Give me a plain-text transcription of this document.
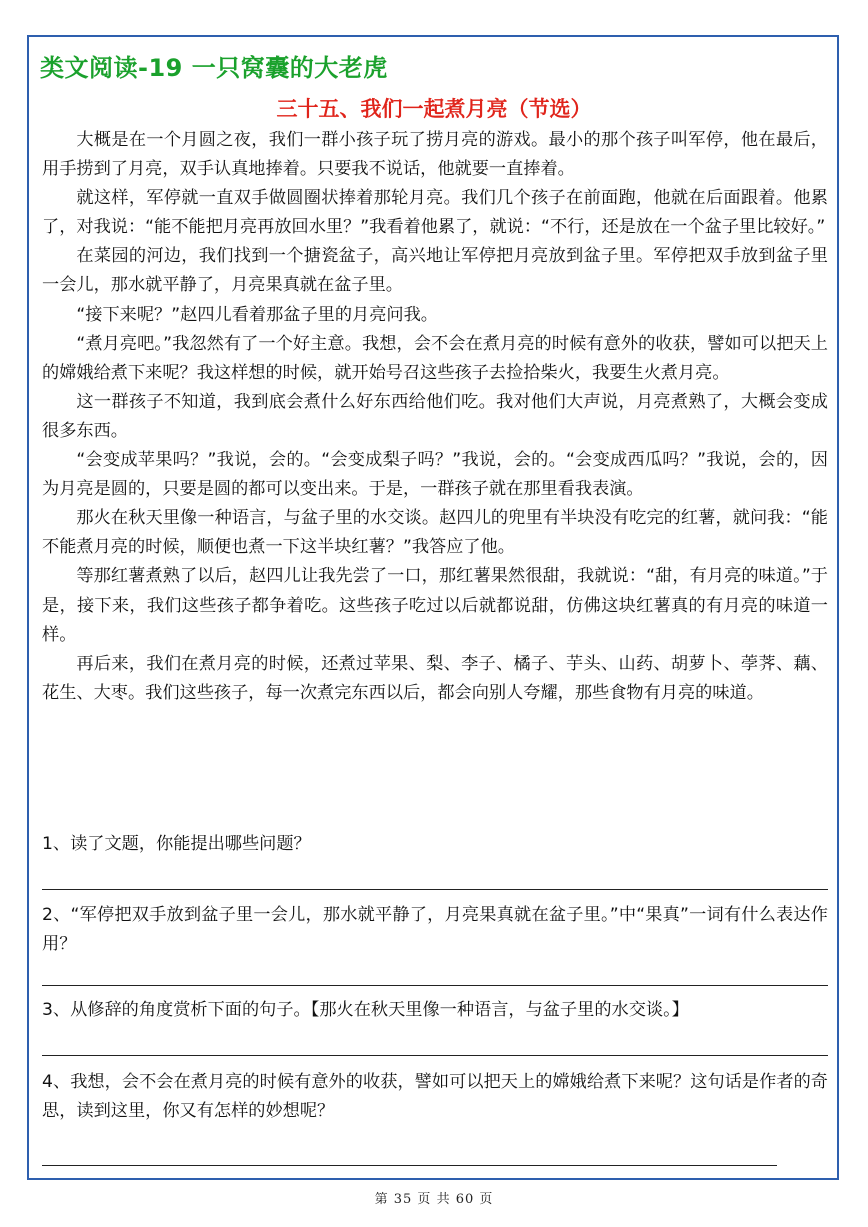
类文阅读-19 一只窝囊的大老虎
三十五、我们一起煮月亮（节选）

大概是在一个月圆之夜，我们一群小孩子玩了捞月亮的游戏。最小的那个孩子叫军停，他在最后，用手捞到了月亮，双手认真地捧着。只要我不说话，他就要一直捧着。

就这样，军停就一直双手做圆圈状捧着那轮月亮。我们几个孩子在前面跑，他就在后面跟着。他累了，对我说：“能不能把月亮再放回水里？”我看着他累了，就说：“不行，还是放在一个盆子里比较好。”

在菜园的河边，我们找到一个搪瓷盆子，高兴地让军停把月亮放到盆子里。军停把双手放到盆子里一会儿，那水就平静了，月亮果真就在盆子里。

“接下来呢？”赵四儿看着那盆子里的月亮问我。

“煮月亮吧。”我忽然有了一个好主意。我想，会不会在煮月亮的时候有意外的收获，譬如可以把天上的嫦娥给煮下来呢？我这样想的时候，就开始号召这些孩子去捡拾柴火，我要生火煮月亮。

这一群孩子不知道，我到底会煮什么好东西给他们吃。我对他们大声说，月亮煮熟了，大概会变成很多东西。

“会变成苹果吗？”我说，会的。“会变成梨子吗？”我说，会的。“会变成西瓜吗？”我说，会的，因为月亮是圆的，只要是圆的都可以变出来。于是，一群孩子就在那里看我表演。

那火在秋天里像一种语言，与盆子里的水交谈。赵四儿的兜里有半块没有吃完的红薯，就问我：“能不能煮月亮的时候，顺便也煮一下这半块红薯？”我答应了他。

等那红薯煮熟了以后，赵四儿让我先尝了一口，那红薯果然很甜，我就说：“甜，有月亮的味道。”于是，接下来，我们这些孩子都争着吃。这些孩子吃过以后就都说甜，仿佛这块红薯真的有月亮的味道一样。

再后来，我们在煮月亮的时候，还煮过苹果、梨、李子、橘子、芋头、山药、胡萝卜、荸荠、藕、花生、大枣。我们这些孩子，每一次煮完东西以后，都会向别人夸耀，那些食物有月亮的味道。

1、读了文题，你能提出哪些问题？

2、“军停把双手放到盆子里一会儿，那水就平静了，月亮果真就在盆子里。”中“果真”一词有什么表达作用？

3、从修辞的角度赏析下面的句子。【那火在秋天里像一种语言，与盆子里的水交谈。】

4、我想，会不会在煮月亮的时候有意外的收获，譬如可以把天上的嫦娥给煮下来呢？这句话是作者的奇思，读到这里，你又有怎样的妙想呢？

第 35 页 共 60 页
